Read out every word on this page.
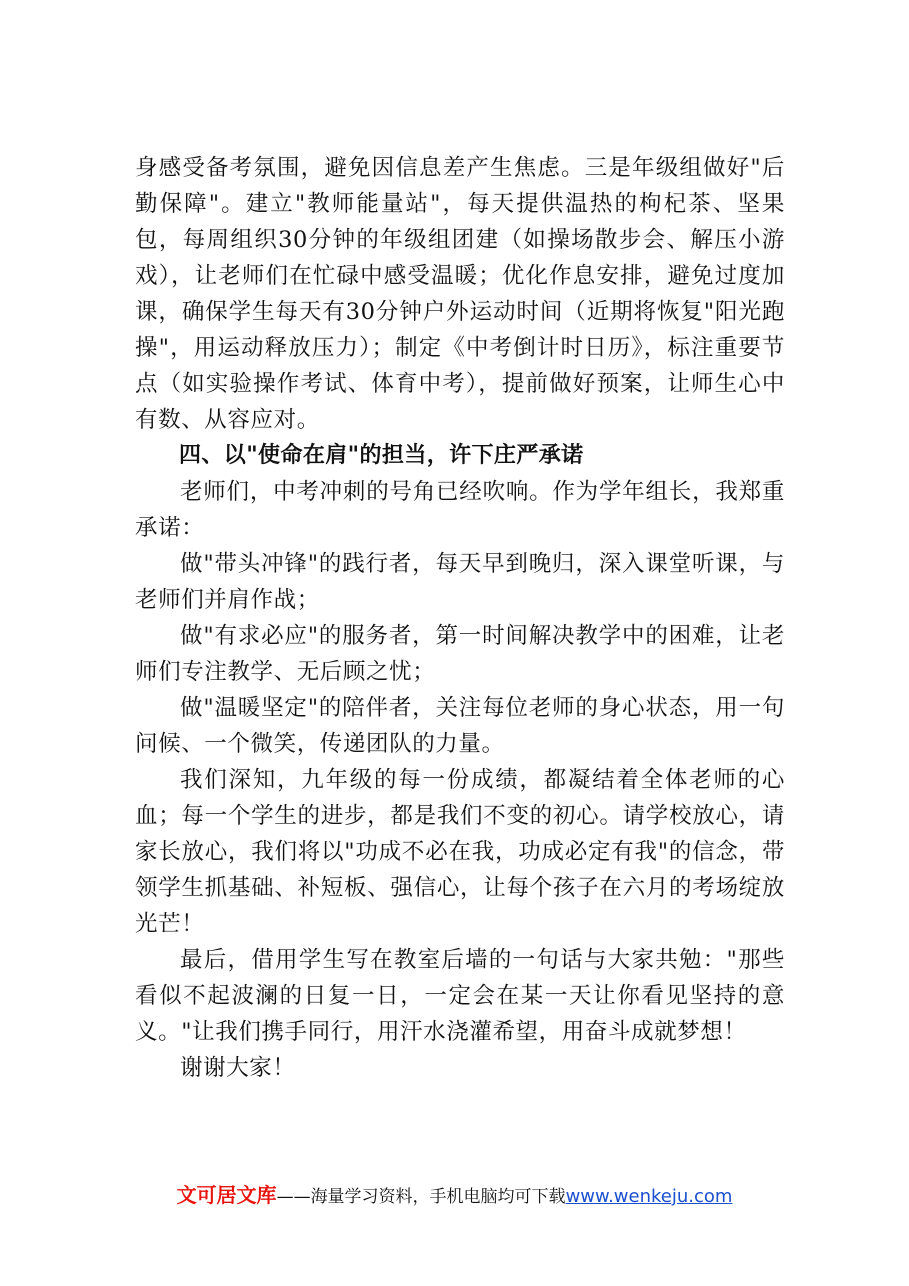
身感受备考氛围，避免因信息差产生焦虑。三是年级组做好"后勤保障"。建立"教师能量站"，每天提供温热的枸杞茶、坚果包，每周组织30分钟的年级组团建（如操场散步会、解压小游戏），让老师们在忙碌中感受温暖；优化作息安排，避免过度加课，确保学生每天有30分钟户外运动时间（近期将恢复"阳光跑操"，用运动释放压力）；制定《中考倒计时日历》，标注重要节点（如实验操作考试、体育中考），提前做好预案，让师生心中有数、从容应对。

四、以"使命在肩"的担当，许下庄严承诺

老师们，中考冲刺的号角已经吹响。作为学年组长，我郑重承诺：

做"带头冲锋"的践行者，每天早到晚归，深入课堂听课，与老师们并肩作战；

做"有求必应"的服务者，第一时间解决教学中的困难，让老师们专注教学、无后顾之忧；

做"温暖坚定"的陪伴者，关注每位老师的身心状态，用一句问候、一个微笑，传递团队的力量。

我们深知，九年级的每一份成绩，都凝结着全体老师的心血；每一个学生的进步，都是我们不变的初心。请学校放心，请家长放心，我们将以"功成不必在我，功成必定有我"的信念，带领学生抓基础、补短板、强信心，让每个孩子在六月的考场绽放光芒！

最后，借用学生写在教室后墙的一句话与大家共勉："那些看似不起波澜的日复一日，一定会在某一天让你看见坚持的意义。"让我们携手同行，用汗水浇灌希望，用奋斗成就梦想！

谢谢大家！

文可居文库——海量学习资料，手机电脑均可下载www.wenkeju.com
